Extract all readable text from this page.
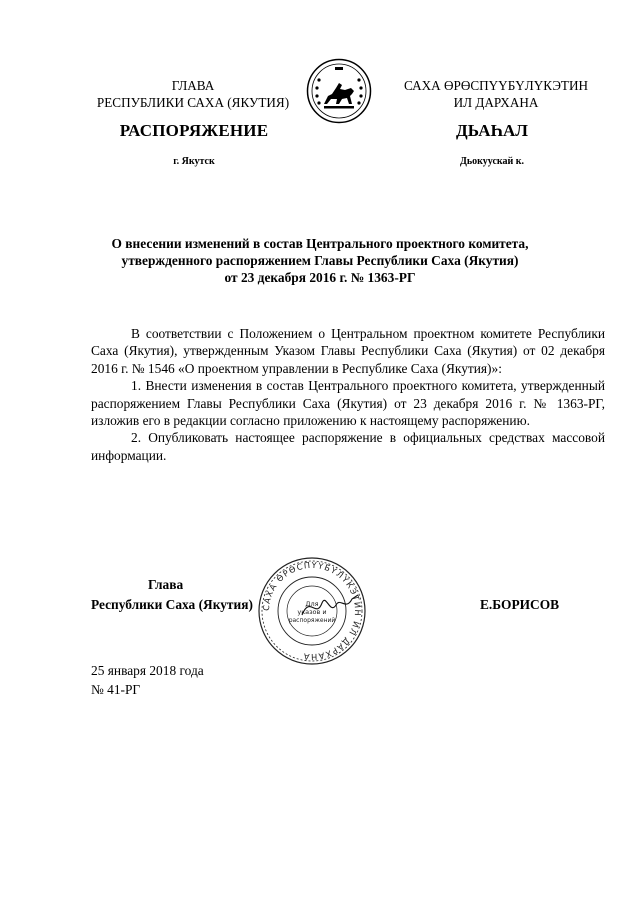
ГЛАВА
РЕСПУБЛИКИ САХА (ЯКУТИЯ)
САХА ӨРӨСПҮҮБҮЛҮКЭТИН
ИЛ ДАРХАНА
РАСПОРЯЖЕНИЕ	ДЬАҺАЛ
г. Якутск	Дьокуускай к.
О внесении изменений в состав Центрального проектного комитета,
утвержденного распоряжением Главы Республики Саха (Якутия)
от 23 декабря 2016 г. № 1363-РГ

В соответствии с Положением о Центральном проектном комитете Республики Саха (Якутия), утвержденным Указом Главы Республики Саха (Якутия) от 02 декабря 2016 г. № 1546 «О проектном управлении в Республике Саха (Якутия)»:

1. Внести изменения в состав Центрального проектного комитета, утвержденный распоряжением Главы Республики Саха (Якутия) от 23 декабря 2016 г. № 1363-РГ, изложив его в редакции согласно приложению к настоящему распоряжению.

2. Опубликовать настоящее распоряжение в официальных средствах массовой информации.

САХА ӨРӨСПҮҮБҮЛҮКЭТИН ИЛ ДАРХАНА
Для
указов и
распоряжений
Глава
Республики Саха (Якутия)	Е.БОРИСОВ
25 января 2018 года
№ 41-РГ
